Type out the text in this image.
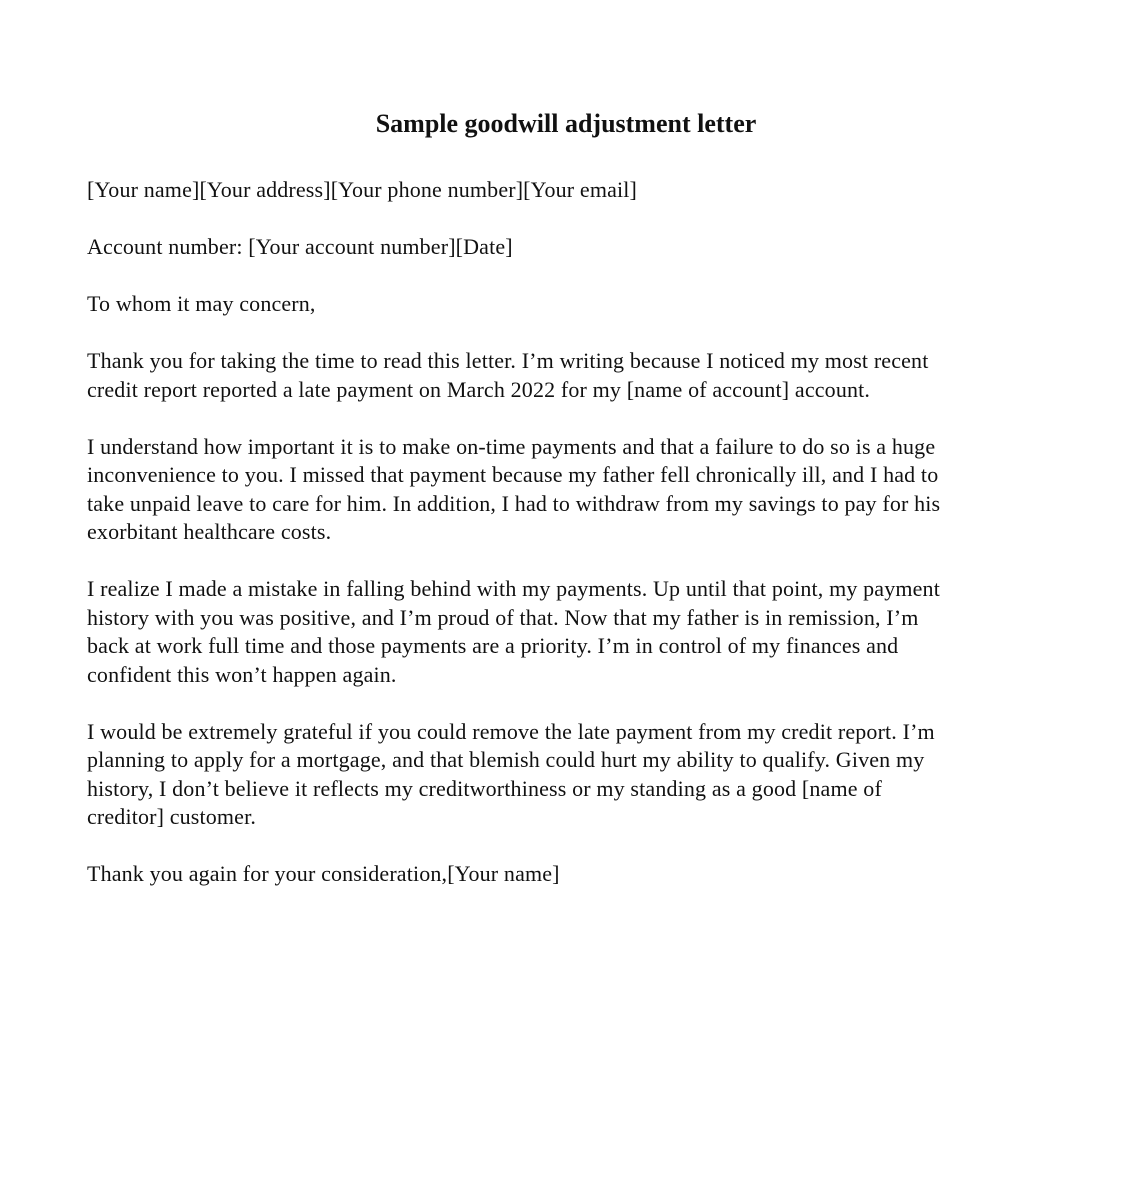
Sample goodwill adjustment letter

[Your name][Your address][Your phone number][Your email]

Account number: [Your account number][Date]

To whom it may concern,

Thank you for taking the time to read this letter. I’m writing because I noticed my most recent
credit report reported a late payment on March 2022 for my [name of account] account.

I understand how important it is to make on-time payments and that a failure to do so is a huge
inconvenience to you. I missed that payment because my father fell chronically ill, and I had to
take unpaid leave to care for him. In addition, I had to withdraw from my savings to pay for his
exorbitant healthcare costs.

I realize I made a mistake in falling behind with my payments. Up until that point, my payment
history with you was positive, and I’m proud of that. Now that my father is in remission, I’m
back at work full time and those payments are a priority. I’m in control of my finances and
confident this won’t happen again.

I would be extremely grateful if you could remove the late payment from my credit report. I’m
planning to apply for a mortgage, and that blemish could hurt my ability to qualify. Given my
history, I don’t believe it reflects my creditworthiness or my standing as a good [name of
creditor] customer.

Thank you again for your consideration,[Your name]
